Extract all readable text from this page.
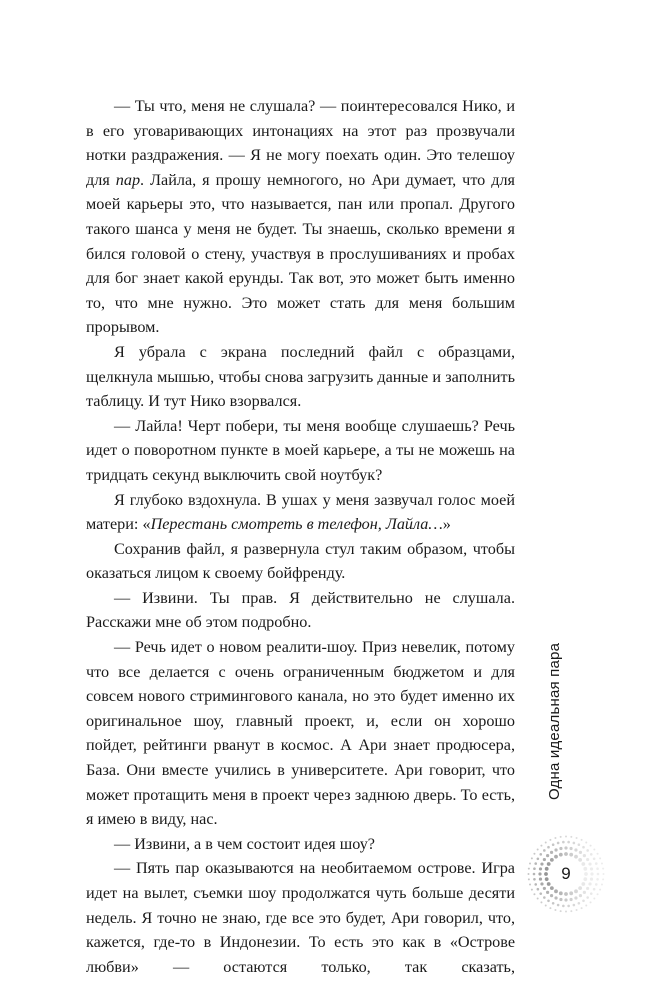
— Ты что, меня не слушала? — поинтересовался Нико, и в его уговаривающих интонациях на этот раз прозвучали нотки раздражения. — Я не могу поехать один. Это телешоу для пар. Лайла, я прошу немногого, но Ари думает, что для моей карьеры это, что называется, пан или пропал. Другого такого шанса у меня не будет. Ты знаешь, сколько времени я бился головой о стену, участвуя в прослушиваниях и пробах для бог знает какой ерунды. Так вот, это может быть именно то, что мне нужно. Это может стать для меня большим прорывом.

Я убрала с экрана последний файл с образцами, щелкнула мышью, чтобы снова загрузить данные и заполнить таблицу. И тут Нико взорвался.

— Лайла! Черт побери, ты меня вообще слушаешь? Речь идет о поворотном пункте в моей карьере, а ты не можешь на тридцать секунд выключить свой ноутбук?

Я глубоко вздохнула. В ушах у меня зазвучал голос моей матери: «Перестань смотреть в телефон, Лайла…»

Сохранив файл, я развернула стул таким образом, чтобы оказаться лицом к своему бойфренду.

— Извини. Ты прав. Я действительно не слушала. Расскажи мне об этом подробно.

— Речь идет о новом реалити-шоу. Приз невелик, потому что все делается с очень ограниченным бюджетом и для совсем нового стримингового канала, но это будет именно их оригинальное шоу, главный проект, и, если он хорошо пойдет, рейтинги рванут в космос. А Ари знает продюсера, База. Они вместе учились в университете. Ари говорит, что может протащить меня в проект через заднюю дверь. То есть, я имею в виду, нас.

— Извини, а в чем состоит идея шоу?

— Пять пар оказываются на необитаемом острове. Игра идет на вылет, съемки шоу продолжатся чуть больше десяти недель. Я точно не знаю, где все это будет, Ари говорил, что, кажется, где-то в Индонезии. То есть это как в «Острове любви» — остаются только, так сказать,

Одна идеальная пара
9
